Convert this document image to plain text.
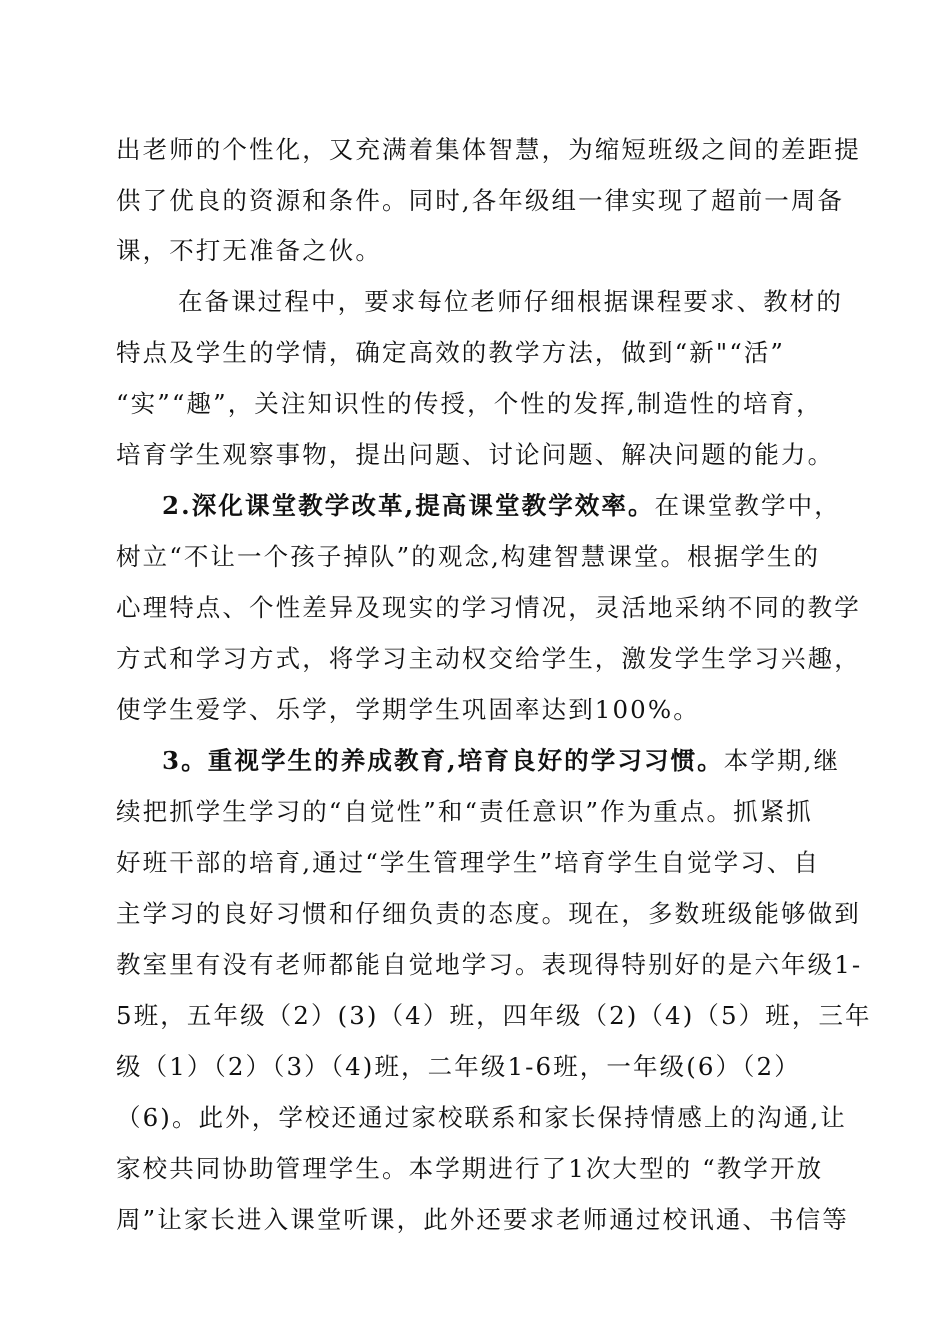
出老师的个性化，又充满着集体智慧，为缩短班级之间的差距提
供了优良的资源和条件。同时,各年级组一律实现了超前一周备
课，不打无准备之伙。
在备课过程中，要求每位老师仔细根据课程要求、教材的
特点及学生的学情，确定高效的教学方法，做到“新"“活”
“实”“趣”，关注知识性的传授，个性的发挥,制造性的培育，
培育学生观察事物，提出问题、讨论问题、解决问题的能力。
2.深化课堂教学改革,提高课堂教学效率。在课堂教学中，
树立“不让一个孩子掉队”的观念,构建智慧课堂。根据学生的
心理特点、个性差异及现实的学习情况，灵活地采纳不同的教学
方式和学习方式，将学习主动权交给学生，激发学生学习兴趣，
使学生爱学、乐学，学期学生巩固率达到100%。
3。重视学生的养成教育,培育良好的学习习惯。本学期,继
续把抓学生学习的“自觉性”和“责任意识”作为重点。抓紧抓
好班干部的培育,通过“学生管理学生”培育学生自觉学习、自
主学习的良好习惯和仔细负责的态度。现在，多数班级能够做到
教室里有没有老师都能自觉地学习。表现得特别好的是六年级1-
5班，五年级（2）(3)（4）班，四年级（2)（4)（5）班，三年
级（1）（2）（3）（4)班，二年级1-6班，一年级(6）（2）
（6)。此外，学校还通过家校联系和家长保持情感上的沟通,让
家校共同协助管理学生。本学期进行了1次大型的 “教学开放
周”让家长进入课堂听课，此外还要求老师通过校讯通、书信等
